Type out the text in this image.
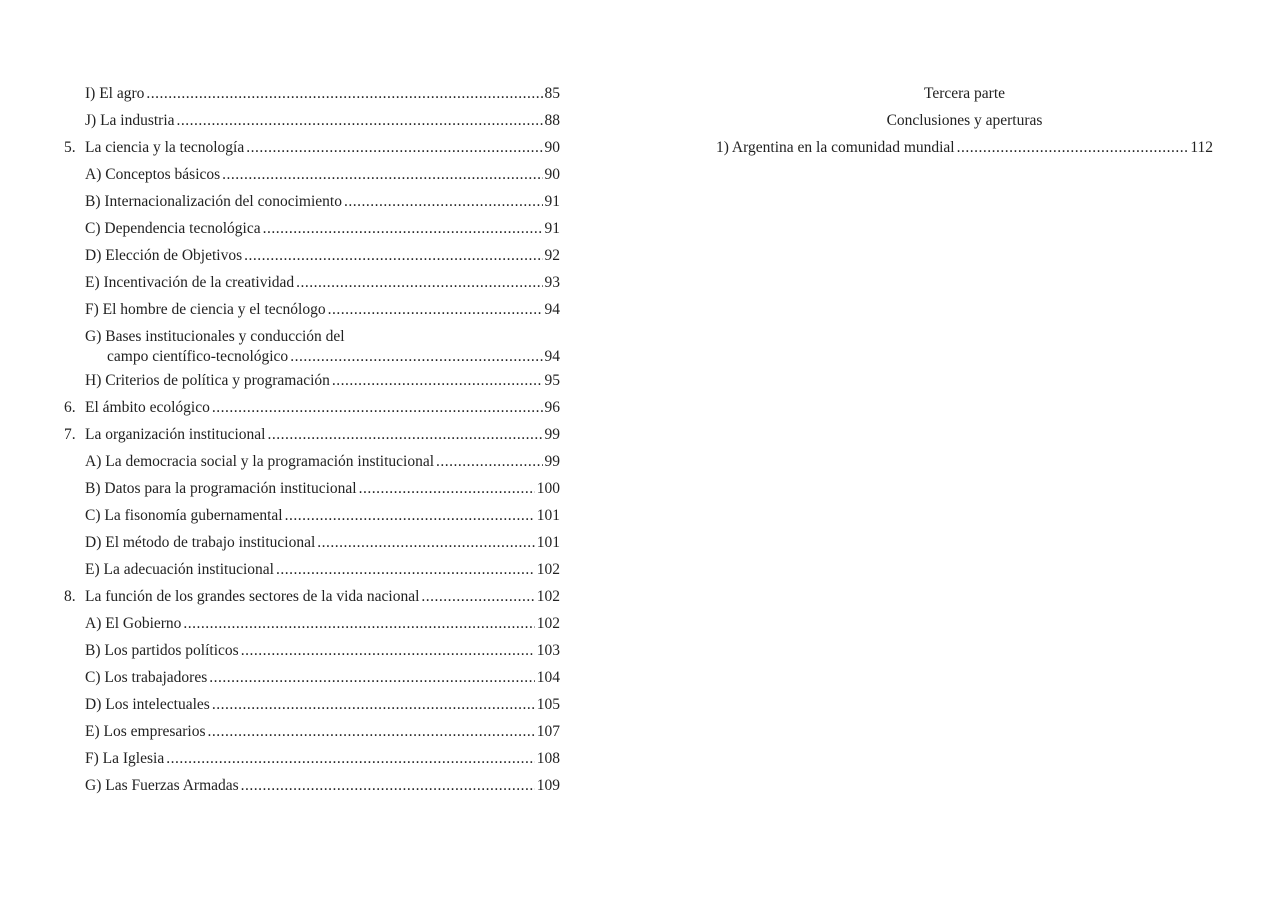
I) El agro .....	85
J) La industria .....	88
5. La ciencia y la tecnología .....	90
A) Conceptos básicos .....	90
B) Internacionalización del conocimiento .....	91
C) Dependencia tecnológica .....	91
D) Elección de Objetivos .....	92
E) Incentivación de la creatividad .....	93
F) El hombre de ciencia y el tecnólogo .....	94
G) Bases institucionales y conducción del
campo científico-tecnológico .....	94
H) Criterios de política y programación .....	95
6. El ámbito ecológico .....	96
7. La organización institucional .....	99
A) La democracia social y la programación institucional .....	99
B) Datos para la programación institucional .....	100
C) La fisonomía gubernamental .....	101
D) El método de trabajo institucional .....	101
E) La adecuación institucional .....	102
8. La función de los grandes sectores de la vida nacional .....	102
A) El Gobierno .....	102
B) Los partidos políticos .....	103
C) Los trabajadores .....	104
D) Los intelectuales .....	105
E) Los empresarios .....	107
F) La Iglesia .....	108
G) Las Fuerzas Armadas .....	109
Tercera parte
Conclusiones y aperturas
1) Argentina en la comunidad mundial .....	112
